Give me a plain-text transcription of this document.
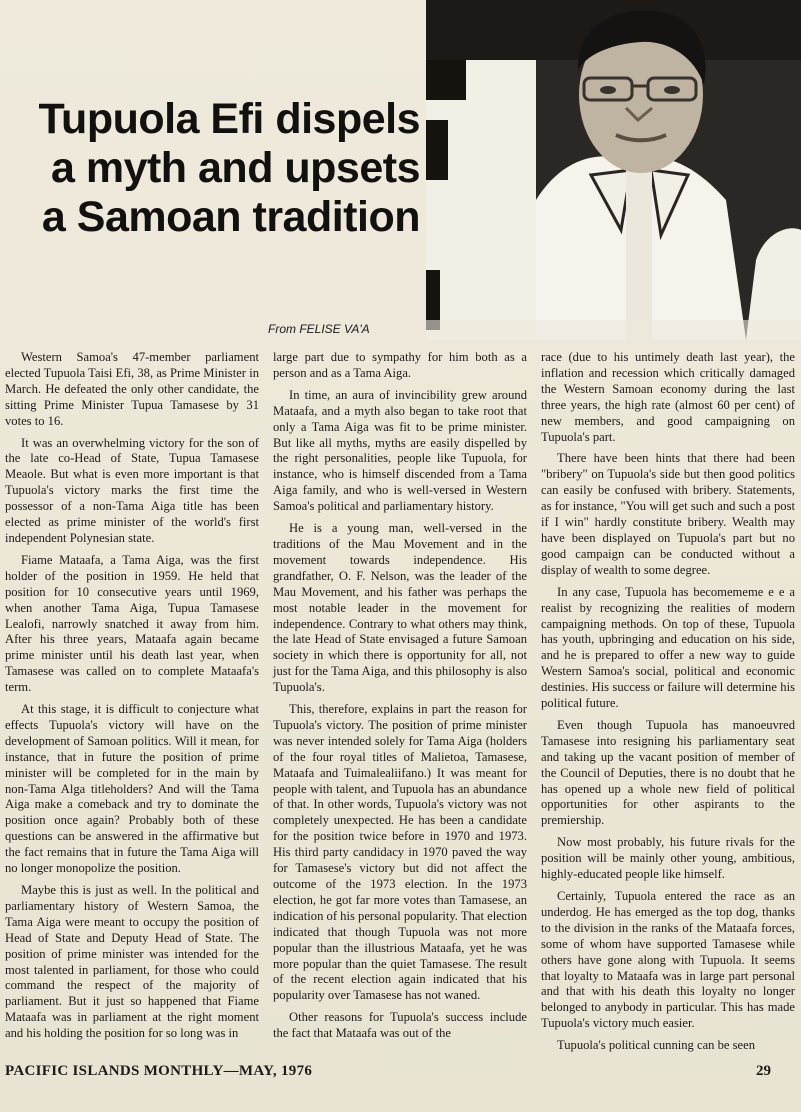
Tupuola Efi dispels a myth and upsets a Samoan tradition
From FELISE VA'A

Western Samoa's 47-member parliament elected Tupuola Taisi Efi, 38, as Prime Minister in March. He defeated the only other candidate, the sitting Prime Minister Tupua Tamasese by 31 votes to 16.

It was an overwhelming victory for the son of the late co-Head of State, Tupua Tamasese Meaole. But what is even more important is that Tupuola's victory marks the first time the possessor of a non-Tama Aiga title has been elected as prime minister of the world's first independent Polynesian state.

Fiame Mataafa, a Tama Aiga, was the first holder of the position in 1959. He held that position for 10 consecutive years until 1969, when another Tama Aiga, Tupua Tamasese Lealofi, narrowly snatched it away from him. After his three years, Mataafa again became prime minister until his death last year, when Tamasese was called on to complete Mataafa's term.

At this stage, it is difficult to conjecture what effects Tupuola's victory will have on the development of Samoan politics. Will it mean, for instance, that in future the position of prime minister will be completed for in the main by non-Tama Alga titleholders? And will the Tama Aiga make a comeback and try to dominate the position once again? Probably both of these questions can be answered in the affirmative but the fact remains that in future the Tama Aiga will no longer monopolize the position.

Maybe this is just as well. In the political and parliamentary history of Western Samoa, the Tama Aiga were meant to occupy the position of Head of State and Deputy Head of State. The position of prime minister was intended for the most talented in parliament, for those who could command the respect of the majority of parliament. But it just so happened that Fiame Mataafa was in parliament at the right moment and his holding the position for so long was in

large part due to sympathy for him both as a person and as a Tama Aiga.

In time, an aura of invincibility grew around Mataafa, and a myth also began to take root that only a Tama Aiga was fit to be prime minister. But like all myths, myths are easily dispelled by the right personalities, people like Tupuola, for instance, who is himself discended from a Tama Aiga family, and who is well-versed in Western Samoa's political and parliamentary history.

He is a young man, well-versed in the traditions of the Mau Movement and in the movement towards independence. His grandfather, O. F. Nelson, was the leader of the Mau Movement, and his father was perhaps the most notable leader in the movement for independence. Contrary to what others may think, the late Head of State envisaged a future Samoan society in which there is opportunity for all, not just for the Tama Aiga, and this philosophy is also Tupuola's.

This, therefore, explains in part the reason for Tupuola's victory. The position of prime minister was never intended solely for Tama Aiga (holders of the four royal titles of Malietoa, Tamasese, Mataafa and Tuimalealiifano.) It was meant for people with talent, and Tupuola has an abundance of that. In other words, Tupuola's victory was not completely unexpected. He has been a candidate for the position twice before in 1970 and 1973. His third party candidacy in 1970 paved the way for Tamasese's victory but did not affect the outcome of the 1973 election. In the 1973 election, he got far more votes than Tamasese, an indication of his personal popularity. That election indicated that though Tupuola was not more popular than the illustrious Mataafa, yet he was more popular than the quiet Tamasese. The result of the recent election again indicated that his popularity over Tamasese has not waned.

Other reasons for Tupuola's success include the fact that Mataafa was out of the

race (due to his untimely death last year), the inflation and recession which critically damaged the Western Samoan economy during the last three years, the high rate (almost 60 per cent) of new members, and good campaigning on Tupuola's part.

There have been hints that there had been "bribery" on Tupuola's side but then good politics can easily be confused with bribery. Statements, as for instance, "You will get such and such a post if I win" hardly constitute bribery. Wealth may have been displayed on Tupuola's part but no good campaign can be conducted without a display of wealth to some degree.

In any case, Tupuola has becomememe e e a realist by recognizing the realities of modern campaigning methods. On top of these, Tupuola has youth, upbringing and education on his side, and he is prepared to offer a new way to guide Western Samoa's social, political and economic destinies. His success or failure will determine his political future.

Even though Tupuola has manoeuvred Tamasese into resigning his parliamentary seat and taking up the vacant position of member of the Council of Deputies, there is no doubt that he has opened up a whole new field of political opportunities for other aspirants to the premiership.

Now most probably, his future rivals for the position will be mainly other young, ambitious, highly-educated people like himself.

Certainly, Tupuola entered the race as an underdog. He has emerged as the top dog, thanks to the division in the ranks of the Mataafa forces, some of whom have supported Tamasese while others have gone along with Tupuola. It seems that loyalty to Mataafa was in large part personal and that with his death this loyalty no longer belonged to anybody in particular. This has made Tupuola's victory much easier.

Tupuola's political cunning can be seen

PACIFIC ISLANDS MONTHLY—MAY, 1976	29
